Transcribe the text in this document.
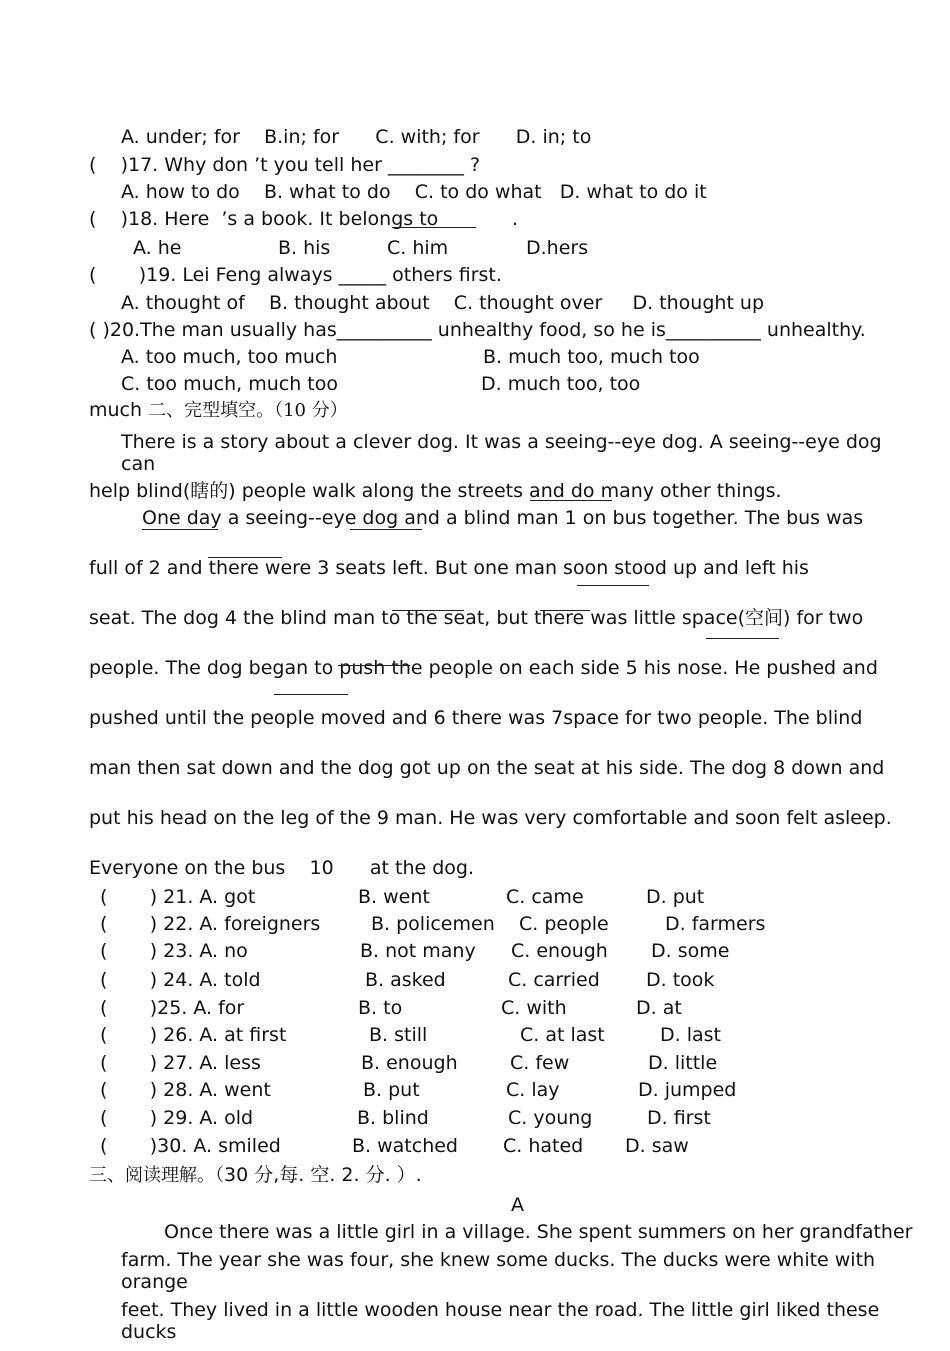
A. under; for    B.in; for      C. with; for      D. in; to
(    )17. Why don ’t you tell her ________ ?
A. how to do    B. what to do    C. to do what   D. what to do it
(    )18. Here  ’s a book. It belongs to	.
A. he	B. his	C. him	D.hers
(       )19. Lei Feng always _____ others first.
A. thought of    B. thought about    C. thought over     D. thought up
( )20.The man usually has__________ unhealthy food, so he is__________ unhealthy.
A. too much, too much	B. much too, much too
C. too much, much too	D. much too, too
much 二、完型填空。（10 分）
There is a story about a clever dog. It was a seeing--eye dog. A seeing--eye dog can
help blind(瞎的) people walk along the streets and do many other things.
One day a seeing--eye dog and a blind man 1 on bus together. The bus was
full of 2 and there were 3 seats left. But one man soon stood up and left his
seat. The dog 4 the blind man to the seat, but there was little space(空间) for two
people. The dog began to push the people on each side 5 his nose. He pushed and
pushed until the people moved and 6 there was 7space for two people. The blind
man then sat down and the dog got up on the seat at his side. The dog 8 down and
put his head on the leg of the 9 man. He was very comfortable and soon felt asleep.
Everyone on the bus    10      at the dog.
(       ) 21. A. got	B. went	C. came	D. put
(       ) 22. A. foreigners	B. policemen C. people	D. farmers
(       ) 23. A. no	B. not many C. enough D. some
(       ) 24. A. told	B. asked	C. carried D. took
(       )25. A. for	B. to	C. with	D. at
(       ) 26. A. at first	B. still	C. at last	D. last
(       ) 27. A. less	B. enough	C. few	D. little
(       ) 28. A. went	B. put	C. lay	D. jumped
(       ) 29. A. old	B. blind	C. young	D. first
(       )30. A. smiled	B. watched C. hated D. saw
三、阅读理解。（30 分,每. 空. 2. 分. ）.
A
Once there was a little girl in a village. She spent summers on her grandfather
farm. The year she was four, she knew some ducks. The ducks were white with orange
feet. They lived in a little wooden house near the road. The little girl liked these ducks
